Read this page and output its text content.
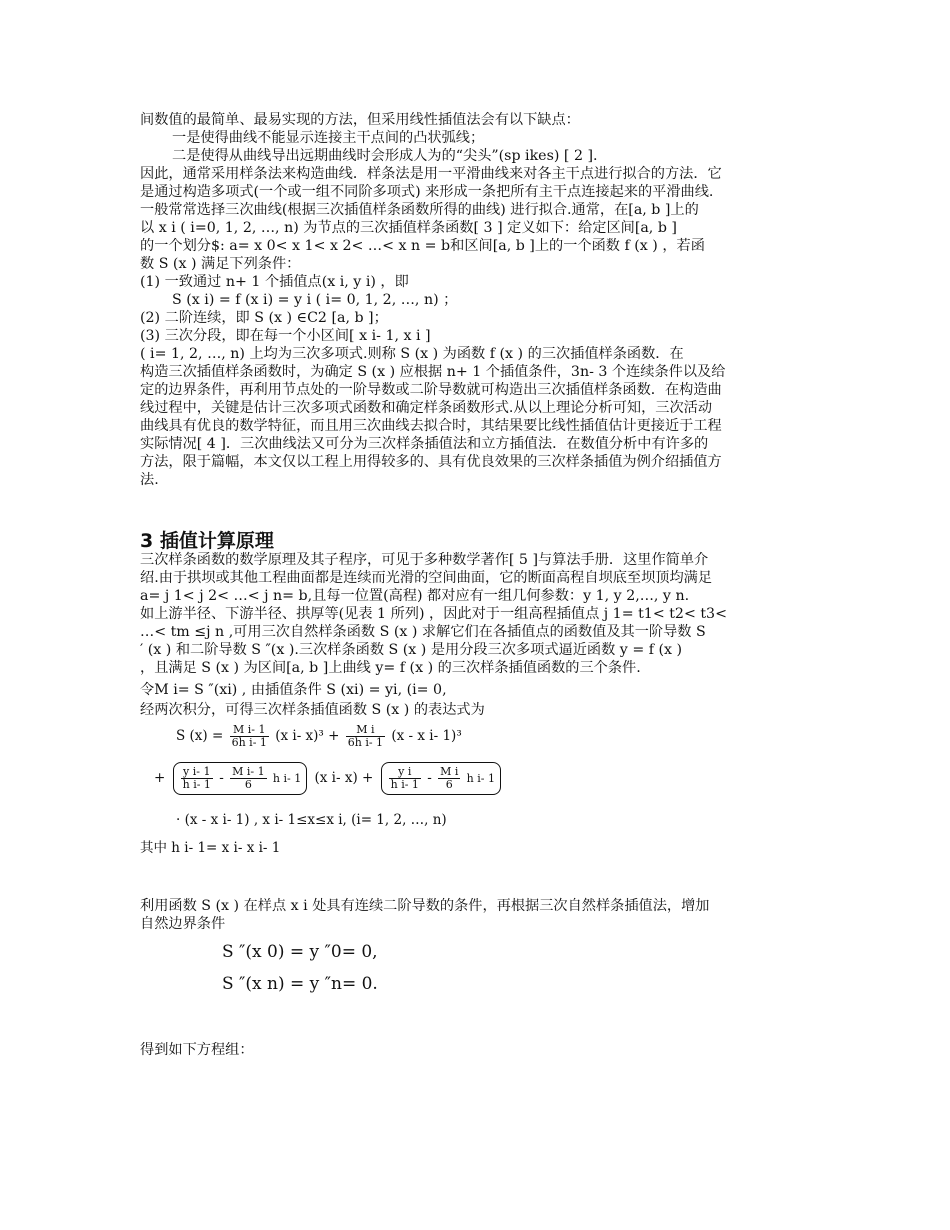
间数值的最简单、最易实现的方法，但采用线性插值法会有以下缺点：
一是使得曲线不能显示连接主干点间的凸状弧线；
二是使得从曲线导出远期曲线时会形成人为的“尖头”(sp ikes) [ 2 ].
因此，通常采用样条法来构造曲线．样条法是用一平滑曲线来对各主干点进行拟合的方法．它
是通过构造多项式(一个或一组不同阶多项式) 来形成一条把所有主干点连接起来的平滑曲线.
一般常常选择三次曲线(根据三次插值样条函数所得的曲线) 进行拟合.通常，在[a, b ]上的
以 x i ( i=0, 1, 2, …, n) 为节点的三次插值样条函数[ 3 ] 定义如下：给定区间[a, b ]
的一个划分$: a= x 0< x 1< x 2< …< x n = b和区间[a, b ]上的一个函数 f (x ) ，若函
数 S (x ) 满足下列条件：
(1) 一致通过 n+ 1 个插值点(x i, y i) ，即
S (x i) = f (x i) = y i ( i= 0, 1, 2, …, n) ；
(2) 二阶连续，即 S (x ) ∈C2 [a, b ]；
(3) 三次分段，即在每一个小区间[ x i- 1, x i ]
( i= 1, 2, …, n) 上均为三次多项式.则称 S (x ) 为函数 f (x ) 的三次插值样条函数．在
构造三次插值样条函数时，为确定 S (x ) 应根据 n+ 1 个插值条件，3n- 3 个连续条件以及给
定的边界条件，再利用节点处的一阶导数或二阶导数就可构造出三次插值样条函数．在构造曲
线过程中，关键是估计三次多项式函数和确定样条函数形式.从以上理论分析可知，三次活动
曲线具有优良的数学特征，而且用三次曲线去拟合时，其结果要比线性插值估计更接近于工程
实际情况[ 4 ]．三次曲线法又可分为三次样条插值法和立方插值法．在数值分析中有许多的
方法，限于篇幅，本文仅以工程上用得较多的、具有优良效果的三次样条插值为例介绍插值方
法.
3 插值计算原理
三次样条函数的数学原理及其子程序，可见于多种数学著作[ 5 ]与算法手册．这里作简单介
绍.由于拱坝或其他工程曲面都是连续而光滑的空间曲面，它的断面高程自坝底至坝顶均满足
a= j 1< j 2< …< j n= b,且每一位置(高程) 都对应有一组几何参数：y 1, y 2,…, y n.
如上游半径、下游半径、拱厚等(见表 1 所列) ，因此对于一组高程插值点 j 1= t1< t2< t3<
…< tm ≤j n ,可用三次自然样条函数 S (x ) 求解它们在各插值点的函数值及其一阶导数 S
′ (x ) 和二阶导数 S ″(x ).三次样条函数 S (x ) 是用分段三次多项式逼近函数 y = f (x )
，且满足 S (x ) 为区间[a, b ]上曲线 y= f (x ) 的三次样条插值函数的三个条件.
令M i= S ″(xi) , 由插值条件 S (xi) = yi, (i= 0,
经两次积分，可得三次样条插值函数 S (x ) 的表达式为
S $(x) = \frac{\text{M i- 1}}{\text{6h i- 1}} (x$ i- $x)^3 + \frac{\text{M i}}{\text{6h i- 1}} (x - x$ i- 1)³
+ $\frac{\text{y i- 1}}{\text{h i- 1}} - \frac{\text{M i- 1}}{6}$ h i- 1 (x i- $x) + \frac{\text{y i}}{\text{h i- 1}} - \frac{\text{M i}}{6}$ h i- 1
· (x - x i- 1) , x i- 1≤x≤x i, (i= 1, 2, …, n)
其中 h i- 1= x i- x i- 1
利用函数 S (x ) 在样点 x i 处具有连续二阶导数的条件，再根据三次自然样条插值法，增加
自然边界条件
S ″(x 0) = y ″0= 0,
S ″(x n) = y ″n= 0.
得到如下方程组：
